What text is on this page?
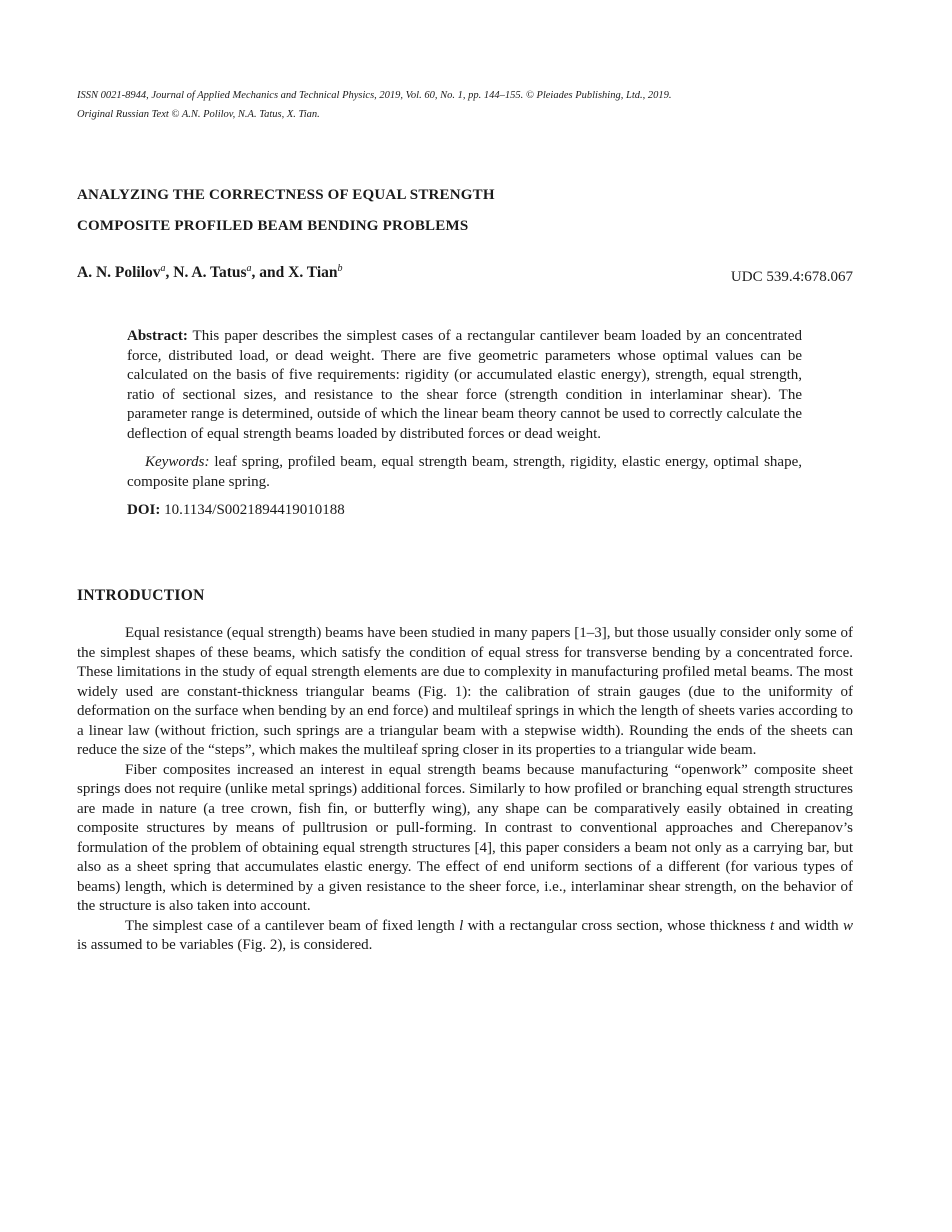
ISSN 0021-8944, Journal of Applied Mechanics and Technical Physics, 2019, Vol. 60, No. 1, pp. 144–155. © Pleiades Publishing, Ltd., 2019.
Original Russian Text © A.N. Polilov, N.A. Tatus, X. Tian.
ANALYZING THE CORRECTNESS OF EQUAL STRENGTH
COMPOSITE PROFILED BEAM BENDING PROBLEMS
A. N. Polilov$^a$, N. A. Tatus$^a$, and X. Tian$^b$
UDC 539.4:678.067

Abstract: This paper describes the simplest cases of a rectangular cantilever beam loaded by an concentrated force, distributed load, or dead weight. There are five geometric parameters whose optimal values can be calculated on the basis of five requirements: rigidity (or accumulated elastic energy), strength, equal strength, ratio of sectional sizes, and resistance to the shear force (strength condition in interlaminar shear). The parameter range is determined, outside of which the linear beam theory cannot be used to correctly calculate the deflection of equal strength beams loaded by distributed forces or dead weight.

Keywords: leaf spring, profiled beam, equal strength beam, strength, rigidity, elastic energy, optimal shape, composite plane spring.

DOI: 10.1134/S0021894419010188

INTRODUCTION

Equal resistance (equal strength) beams have been studied in many papers [1–3], but those usually consider only some of the simplest shapes of these beams, which satisfy the condition of equal stress for transverse bending by a concentrated force. These limitations in the study of equal strength elements are due to complexity in manufacturing profiled metal beams. The most widely used are constant-thickness triangular beams (Fig. 1): the calibration of strain gauges (due to the uniformity of deformation on the surface when bending by an end force) and multileaf springs in which the length of sheets varies according to a linear law (without friction, such springs are a triangular beam with a stepwise width). Rounding the ends of the sheets can reduce the size of the “steps”, which makes the multileaf spring closer in its properties to a triangular wide beam.

Fiber composites increased an interest in equal strength beams because manufacturing “openwork” composite sheet springs does not require (unlike metal springs) additional forces. Similarly to how profiled or branching equal strength structures are made in nature (a tree crown, fish fin, or butterfly wing), any shape can be comparatively easily obtained in creating composite structures by means of pulltrusion or pull-forming. In contrast to conventional approaches and Cherepanov’s formulation of the problem of obtaining equal strength structures [4], this paper considers a beam not only as a carrying bar, but also as a sheet spring that accumulates elastic energy. The effect of end uniform sections of a different (for various types of beams) length, which is determined by a given resistance to the sheer force, i.e., interlaminar shear strength, on the behavior of the structure is also taken into account.

The simplest case of a cantilever beam of fixed length l with a rectangular cross section, whose thickness t and width w is assumed to be variables (Fig. 2), is considered.
